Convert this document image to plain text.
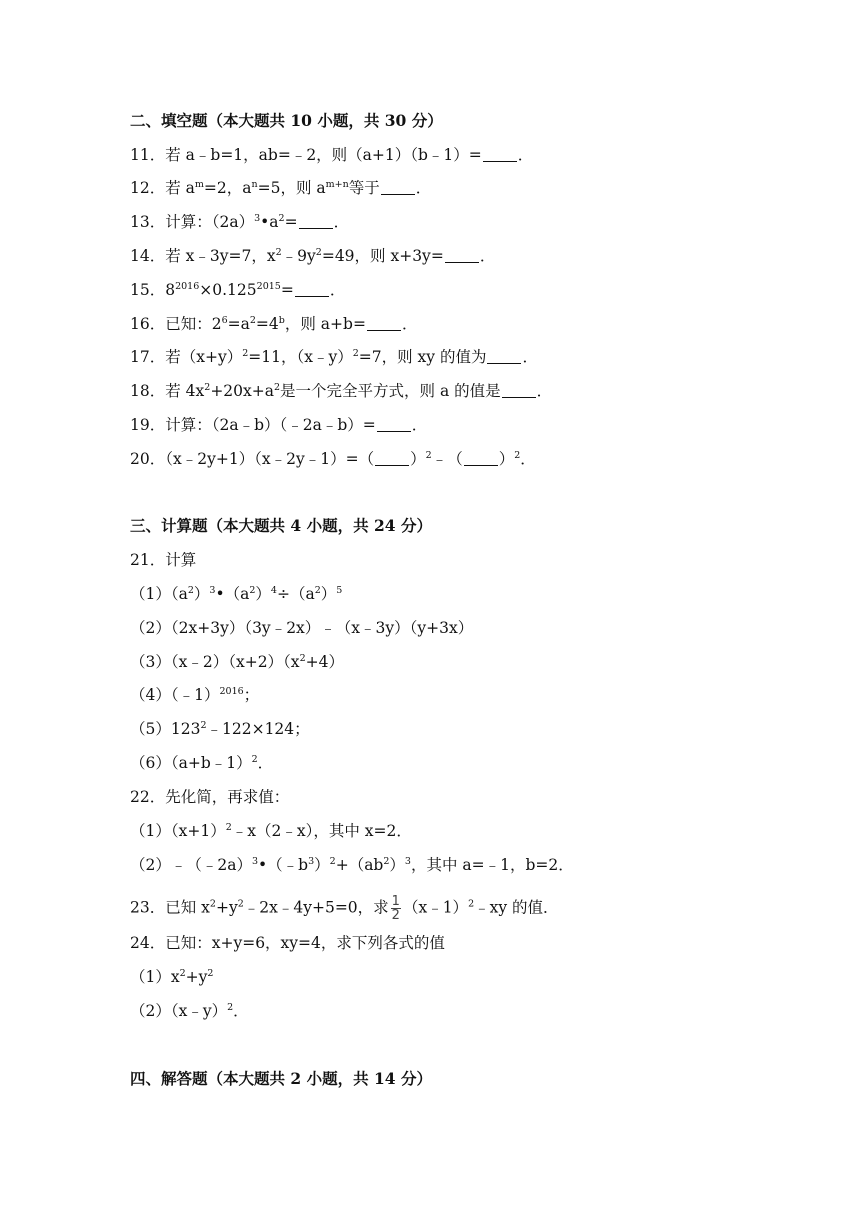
二、填空题（本大题共 10 小题，共 30 分）
11．若 a﹣b=1，ab=﹣2，则（a+1）（b﹣1）= ．
12．若 $a^m=2$，$a^n=5$，则 $a^{m+n}$等于 ．
13．计算：$(2a)^3•a^2=$ ．
14．若 x﹣3y=7，$x^2﹣9y^2=49$，则 x+3y= ．
15．$8^{2016}\times 0.125^{2015}=$ ．
16．已知：$2^6=a^2=4^b$，则 a+b= ．
17．若$(x+y)^2=11$，（x﹣y）$^2$=7，则 xy 的值为 ．
18．若 $4x^2+20x+a^2$是一个完全平方式，则 a 的值是 ．
19．计算：（2a﹣b）（﹣2a﹣b）= ．
20．（x﹣2y+1）（x﹣2y﹣1）=（ ）$^2$﹣（ ）$^2$．
三、计算题（本大题共 4 小题，共 24 分）
21．计算
$(1)(a^2)^3•(a^2)^4\div(a^2)^5$
（2）（2x+3y）（3y﹣2x）﹣（x﹣3y）（y+3x）
$(3)(x﹣2)(x+2)(x^2+4)$
（4）（﹣1）$^{2016}$；
$(5)123^2﹣122\times 124$；
（6）（a+b﹣1）$^2$．
22．先化简，再求值：
$(1)(x+1)^2﹣x(2﹣x)$，其中 x=2．
$(2)﹣(﹣2a)^3•(﹣b^3)^2+(ab^2)^3$，其中 a=﹣1，b=2．
23．已知 $x^2+y^2﹣2x﹣4y+5=0$，求 $\frac{1}{2}$ （x﹣1）$^2$﹣xy 的值．
24．已知：x+y=6，xy=4，求下列各式的值
$(1)x^2+y^2$
（2）（x﹣y）$^2$．
四、解答题（本大题共 2 小题，共 14 分）
